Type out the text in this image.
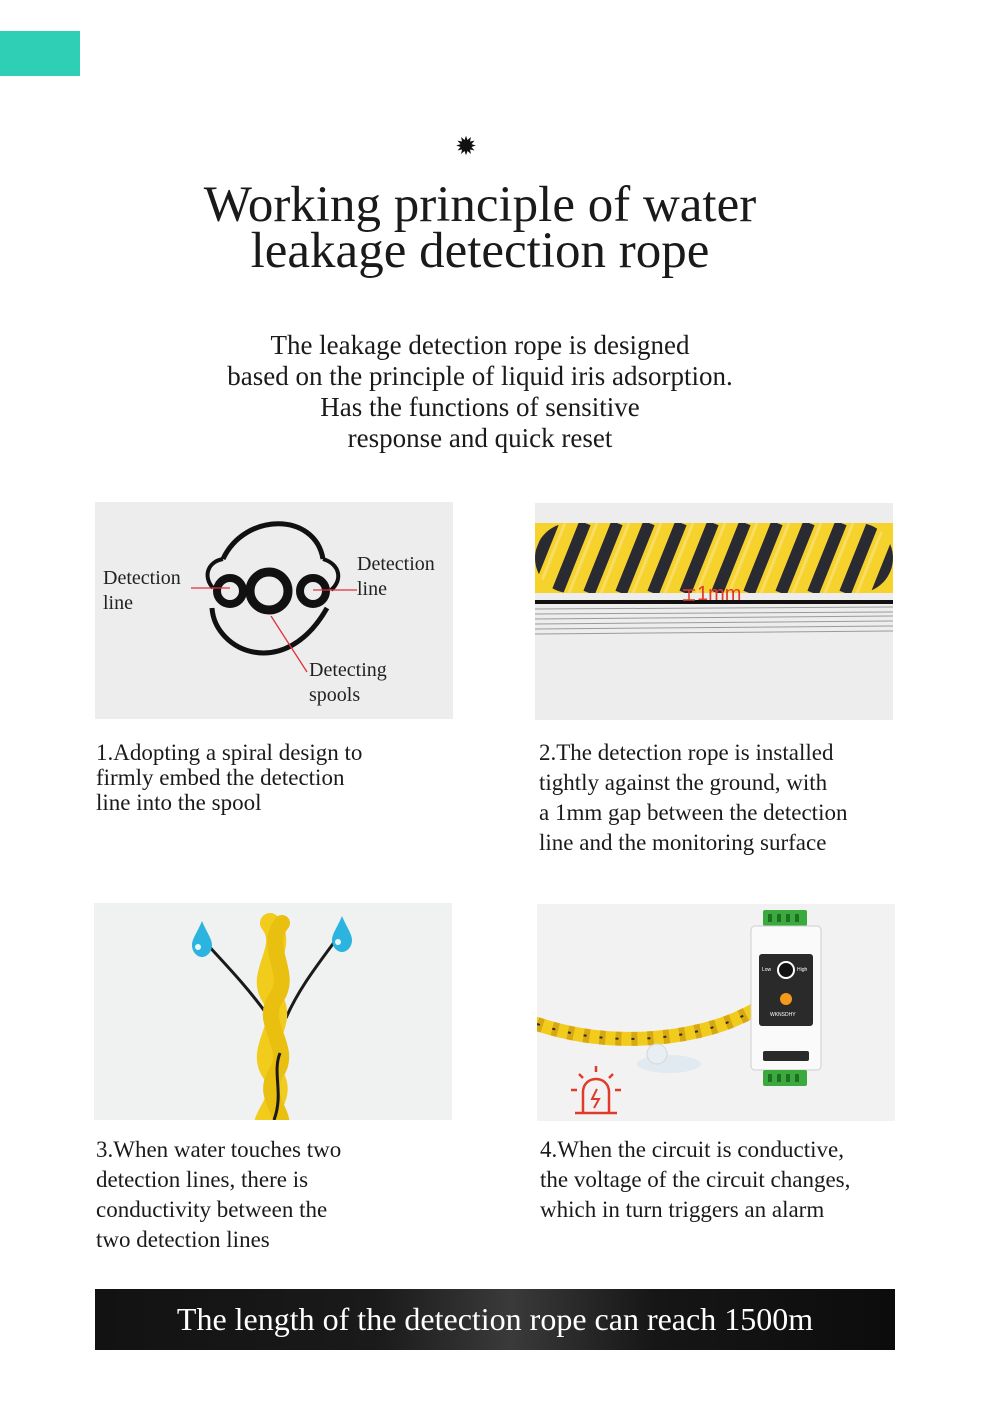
✹
Working principle of water
leakage detection rope
The leakage detection rope is designed
based on the principle of liquid iris adsorption.
Has the functions of sensitive
response and quick reset
Detection
line
Detection
line
Detecting
spools
1.Adopting a spiral design to
firmly embed the detection
line into the spool
1mm
2.The detection rope is installed
tightly against the ground, with
a 1mm gap between the detection
line and the monitoring surface
3.When water touches two
detection lines, there is
conductivity between the
two detection lines
Low	High
WKNSDHY
4.When the circuit is conductive,
the voltage of the circuit changes,
which in turn triggers an alarm
The length of the detection rope can reach 1500m
